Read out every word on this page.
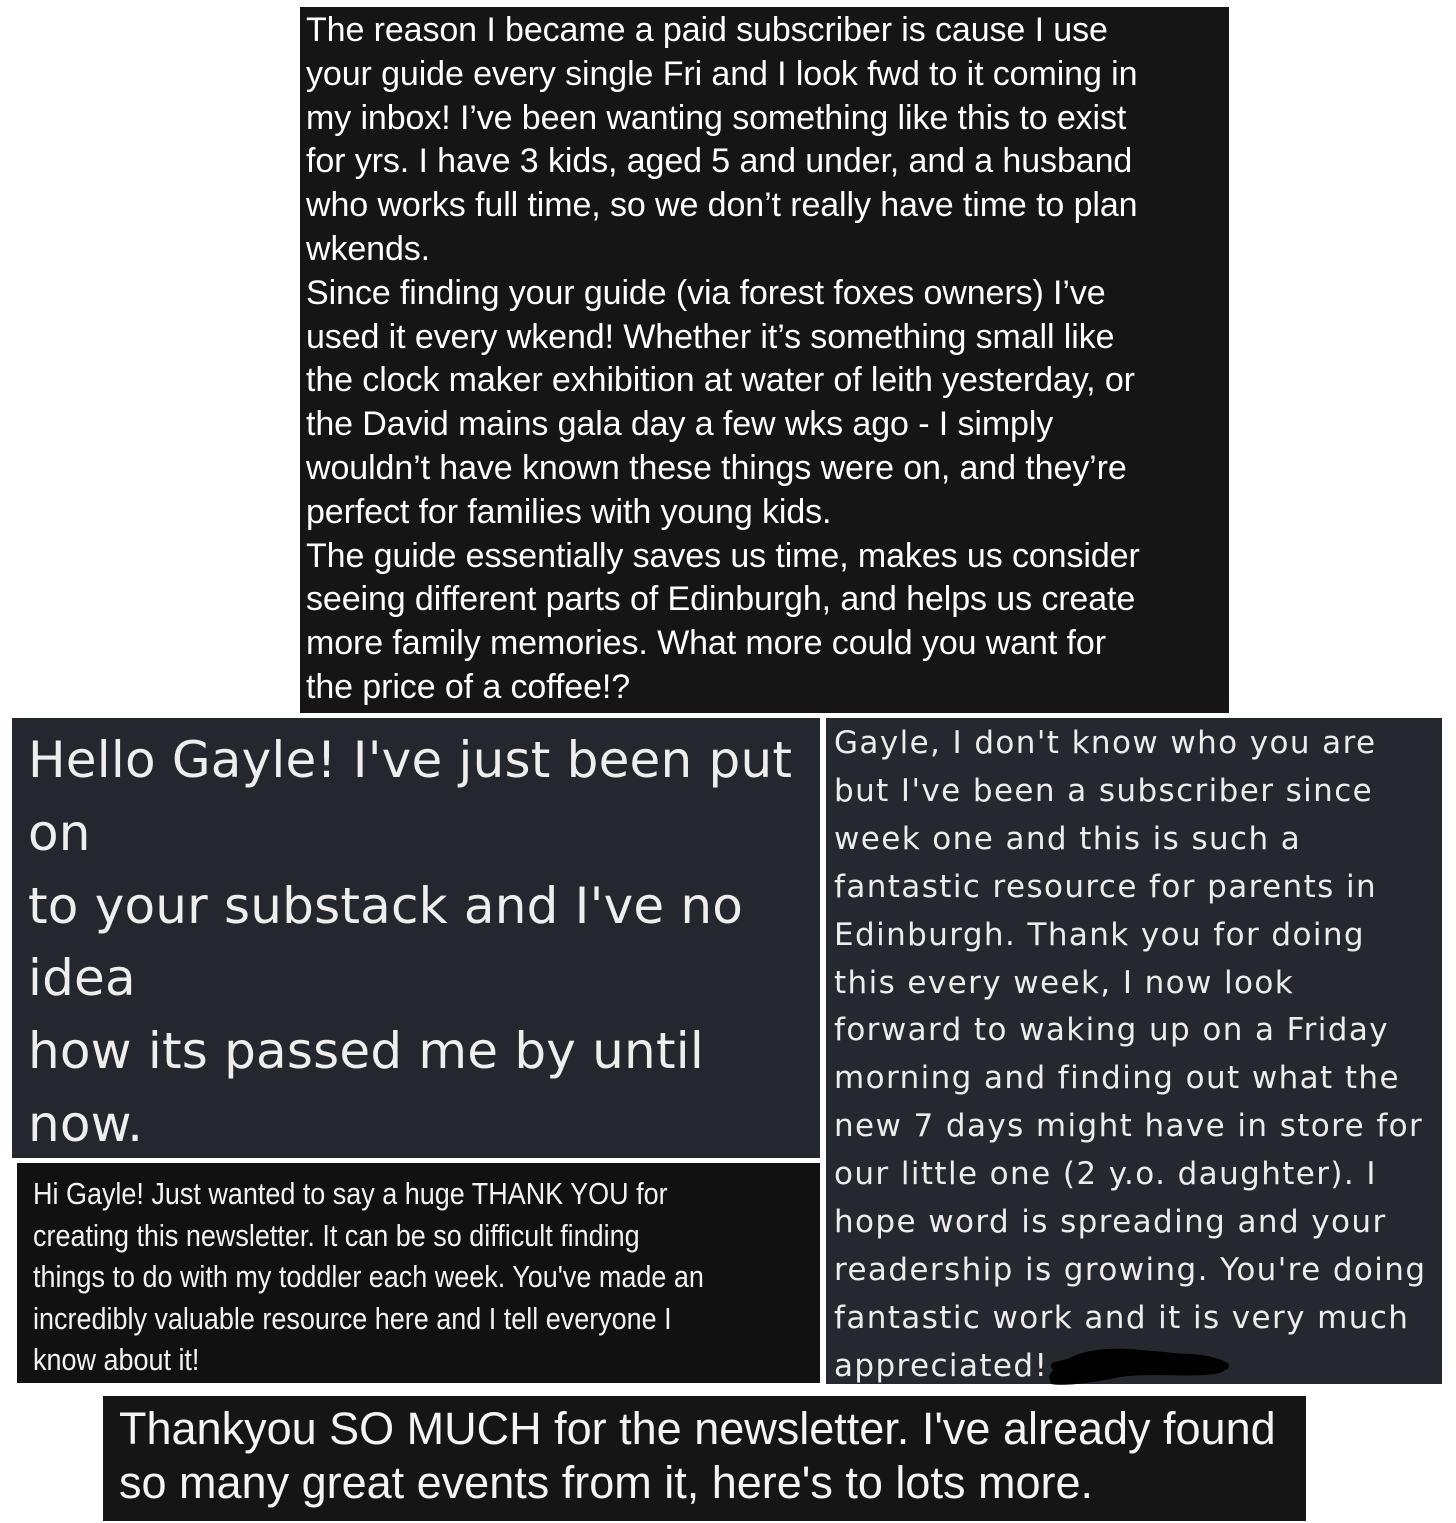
The reason I became a paid subscriber is cause I use
your guide every single Fri and I look fwd to it coming in
my inbox! I’ve been wanting something like this to exist
for yrs. I have 3 kids, aged 5 and under, and a husband
who works full time, so we don’t really have time to plan
wkends.
Since finding your guide (via forest foxes owners) I’ve
used it every wkend! Whether it’s something small like
the clock maker exhibition at water of leith yesterday, or
the David mains gala day a few wks ago - I simply
wouldn’t have known these things were on, and they’re
perfect for families with young kids.
The guide essentially saves us time, makes us consider
seeing different parts of Edinburgh, and helps us create
more family memories. What more could you want for
the price of a coffee!?

Hello Gayle! I've just been put on
to your substack and I've no idea
how its passed me by until now.

Gayle, I don't know who you are
but I've been a subscriber since
week one and this is such a
fantastic resource for parents in
Edinburgh. Thank you for doing
this every week, I now look
forward to waking up on a Friday
morning and finding out what the
new 7 days might have in store for
our little one (2 y.o. daughter). I
hope word is spreading and your
readership is growing. You're doing
fantastic work and it is very much
appreciated!

Hi Gayle! Just wanted to say a huge THANK YOU for
creating this newsletter. It can be so difficult finding
things to do with my toddler each week. You've made an
incredibly valuable resource here and I tell everyone I
know about it!

Thankyou SO MUCH for the newsletter. I've already found
so many great events from it, here's to lots more.
